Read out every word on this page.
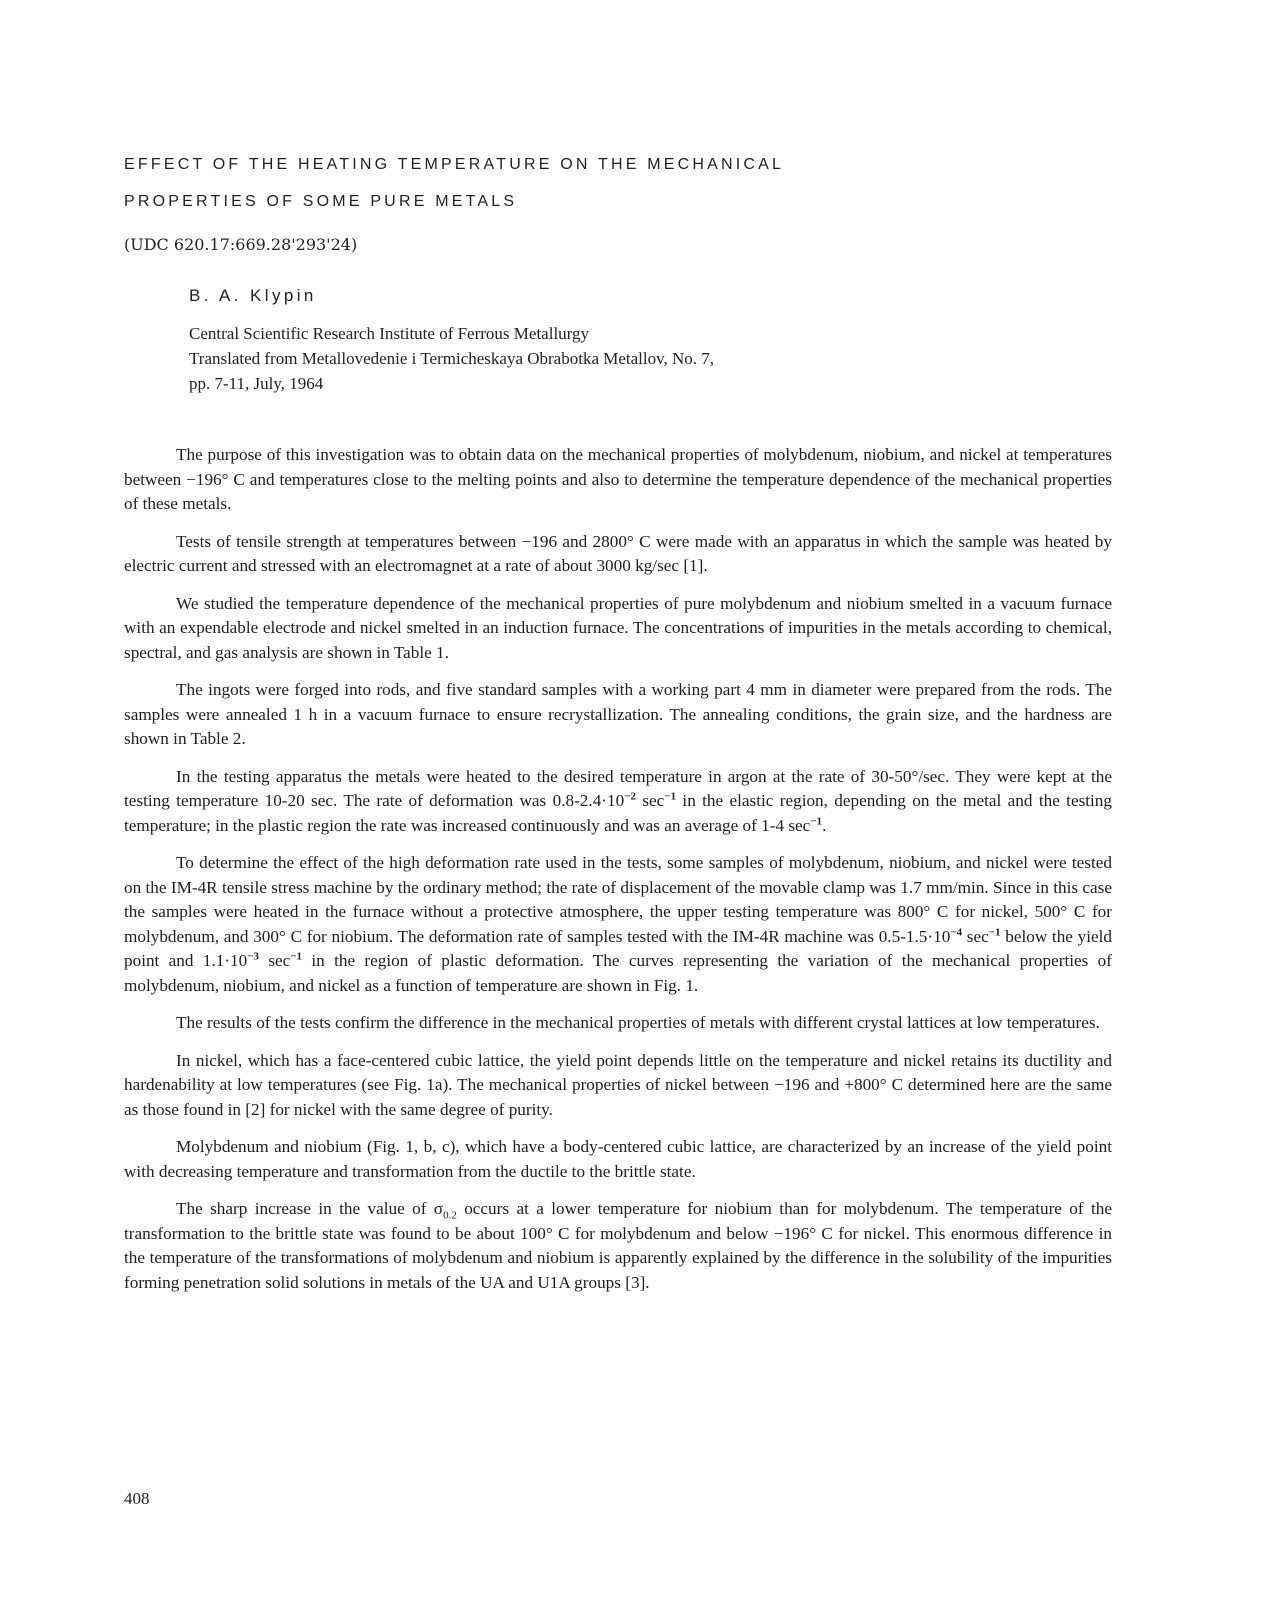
EFFECT OF THE HEATING TEMPERATURE ON THE MECHANICAL
PROPERTIES OF SOME PURE METALS
(UDC 620.17:669.28'293'24)
B. A. Klypin
Central Scientific Research Institute of Ferrous Metallurgy
Translated from Metallovedenie i Termicheskaya Obrabotka Metallov, No. 7,
pp. 7-11, July, 1964

The purpose of this investigation was to obtain data on the mechanical properties of molybdenum, niobium, and nickel at temperatures between −196° C and temperatures close to the melting points and also to determine the temperature dependence of the mechanical properties of these metals.

Tests of tensile strength at temperatures between −196 and 2800° C were made with an apparatus in which the sample was heated by electric current and stressed with an electromagnet at a rate of about 3000 kg/sec [1].

We studied the temperature dependence of the mechanical properties of pure molybdenum and niobium smelted in a vacuum furnace with an expendable electrode and nickel smelted in an induction furnace. The concentrations of impurities in the metals according to chemical, spectral, and gas analysis are shown in Table 1.

The ingots were forged into rods, and five standard samples with a working part 4 mm in diameter were prepared from the rods. The samples were annealed 1 h in a vacuum furnace to ensure recrystallization. The annealing conditions, the grain size, and the hardness are shown in Table 2.

In the testing apparatus the metals were heated to the desired temperature in argon at the rate of 30-50°/sec. They were kept at the testing temperature 10-20 sec. The rate of deformation was $0.8-2.4\cdot 10^{-2}$ $\sec^{-1}$ in the elastic region, depending on the metal and the testing temperature; in the plastic region the rate was increased continuously and was an average of 1-4 $\sec^{-1}$.

To determine the effect of the high deformation rate used in the tests, some samples of molybdenum, niobium, and nickel were tested on the IM-4R tensile stress machine by the ordinary method; the rate of displacement of the movable clamp was 1.7 mm/min. Since in this case the samples were heated in the furnace without a protective atmosphere, the upper testing temperature was 800° C for nickel, 500° C for molybdenum, and 300° C for niobium. The deformation rate of samples tested with the IM-4R machine was $0.5-1.5\cdot 10^{-4}$ $\sec^{-1}$ below the yield point and $1.1\cdot 10^{-3}$ $\sec^{-1}$ in the region of plastic deformation. The curves representing the variation of the mechanical properties of molybdenum, niobium, and nickel as a function of temperature are shown in Fig. 1.

The results of the tests confirm the difference in the mechanical properties of metals with different crystal lattices at low temperatures.

In nickel, which has a face-centered cubic lattice, the yield point depends little on the temperature and nickel retains its ductility and hardenability at low temperatures (see Fig. 1a). The mechanical properties of nickel between −196 and +800° C determined here are the same as those found in [2] for nickel with the same degree of purity.

Molybdenum and niobium (Fig. 1, b, c), which have a body-centered cubic lattice, are characterized by an increase of the yield point with decreasing temperature and transformation from the ductile to the brittle state.

The sharp increase in the value of $\sigma_{0.2}$ occurs at a lower temperature for niobium than for molybdenum. The temperature of the transformation to the brittle state was found to be about 100° C for molybdenum and below −196° C for nickel. This enormous difference in the temperature of the transformations of molybdenum and niobium is apparently explained by the difference in the solubility of the impurities forming penetration solid solutions in metals of the UA and U1A groups [3].

408
